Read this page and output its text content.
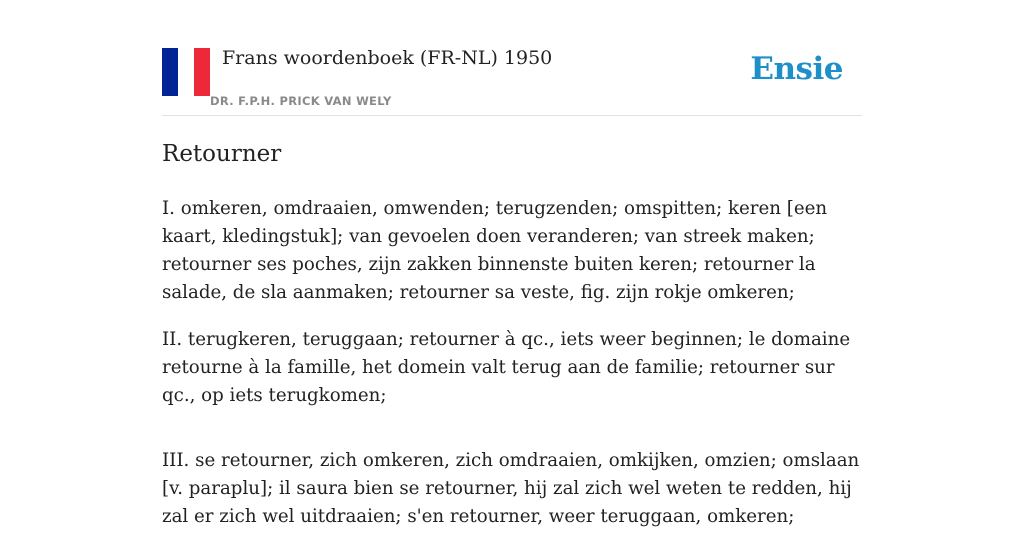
Frans woordenboek (FR-NL) 1950
DR. F.P.H. PRICK VAN WELY
Ensie
Retourner

I. omkeren, omdraaien, omwenden; terugzenden; omspitten; keren [een kaart, kledingstuk]; van gevoelen doen veranderen; van streek maken; retourner ses poches, zijn zakken binnenste buiten keren; retourner la salade, de sla aanmaken; retourner sa veste, fig. zijn rokje omkeren;

II. terugkeren, teruggaan; retourner à qc., iets weer beginnen; le domaine retourne à la famille, het domein valt terug aan de familie; retourner sur qc., op iets terugkomen;

III. se retourner, zich omkeren, zich omdraaien, omkijken, omzien; omslaan [v. paraplu]; il saura bien se retourner, hij zal zich wel weten te redden, hij zal er zich wel uitdraaien; s'en retourner, weer teruggaan, omkeren;
